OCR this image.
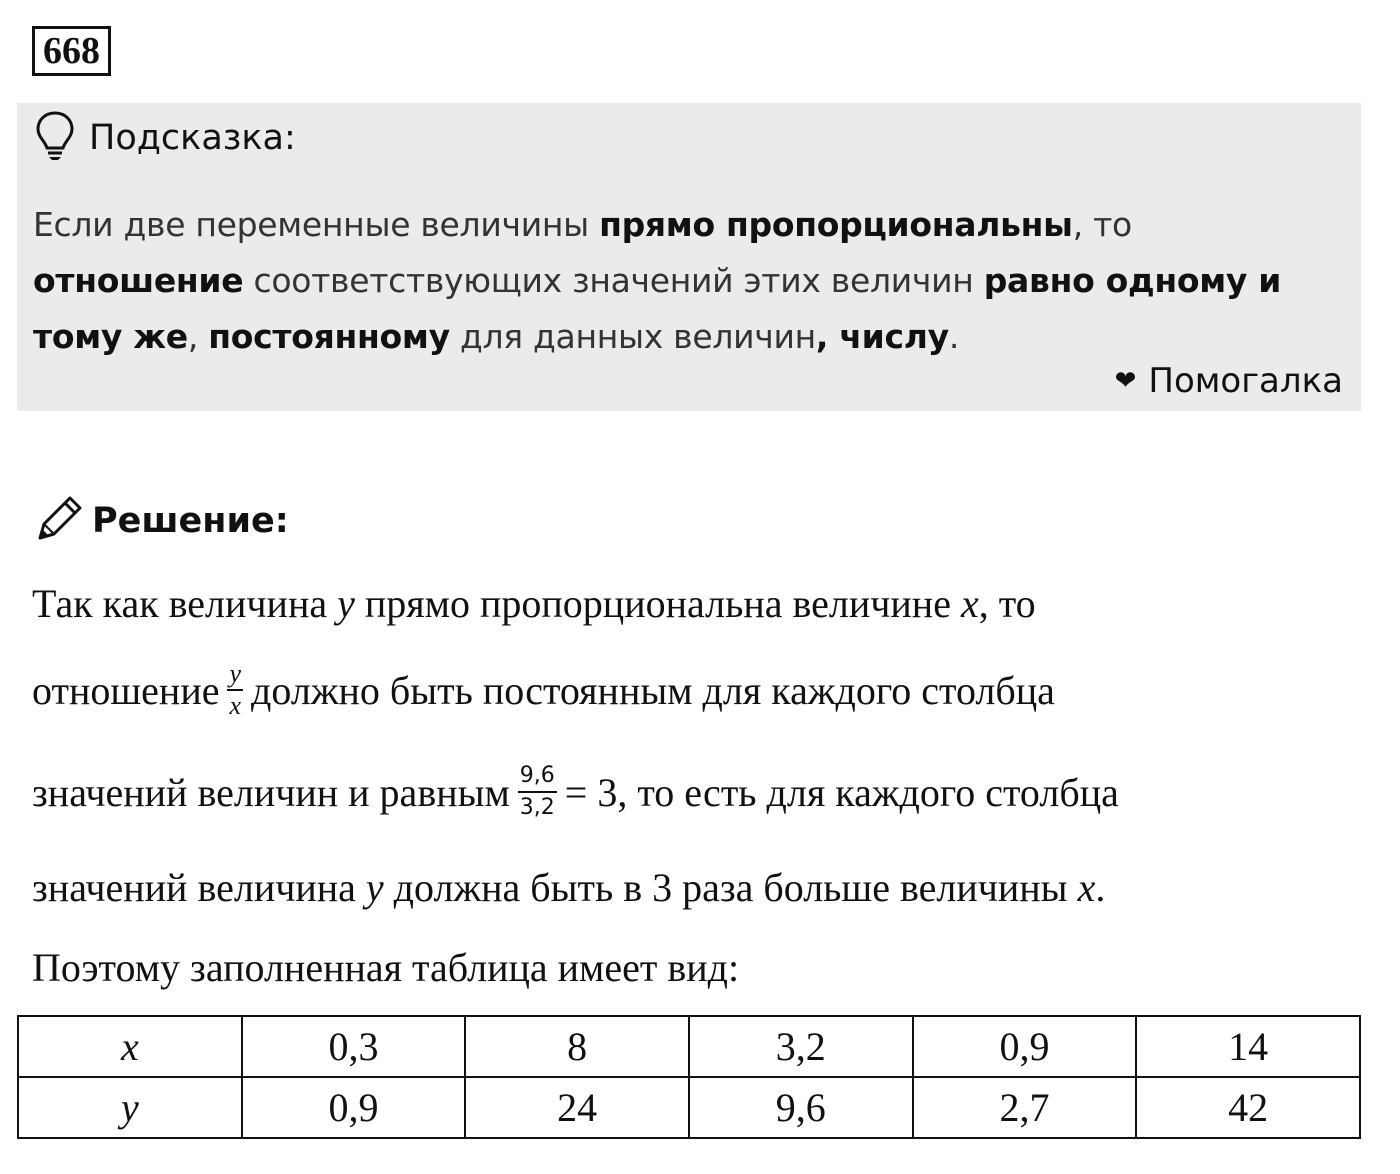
668
Подсказка:
Если две переменные величины прямо пропорциональны, то отношение соответствующих значений этих величин равно одному и тому же, постоянному для данных величин, числу.
❤ Помогалка
Решение:
Так как величина y прямо пропорциональна величине x , то
отношение $\frac{y}{x}$ должно быть постоянным для каждого столбца
значений величин и равным $\frac{9,6}{3,2} = 3$, то есть для каждого столбца
значений величина y должна быть в 3 раза больше величины x .
Поэтому заполненная таблица имеет вид:
x	0,3	8	3,2	0,9	14
y	0,9	24	9,6	2,7	42
